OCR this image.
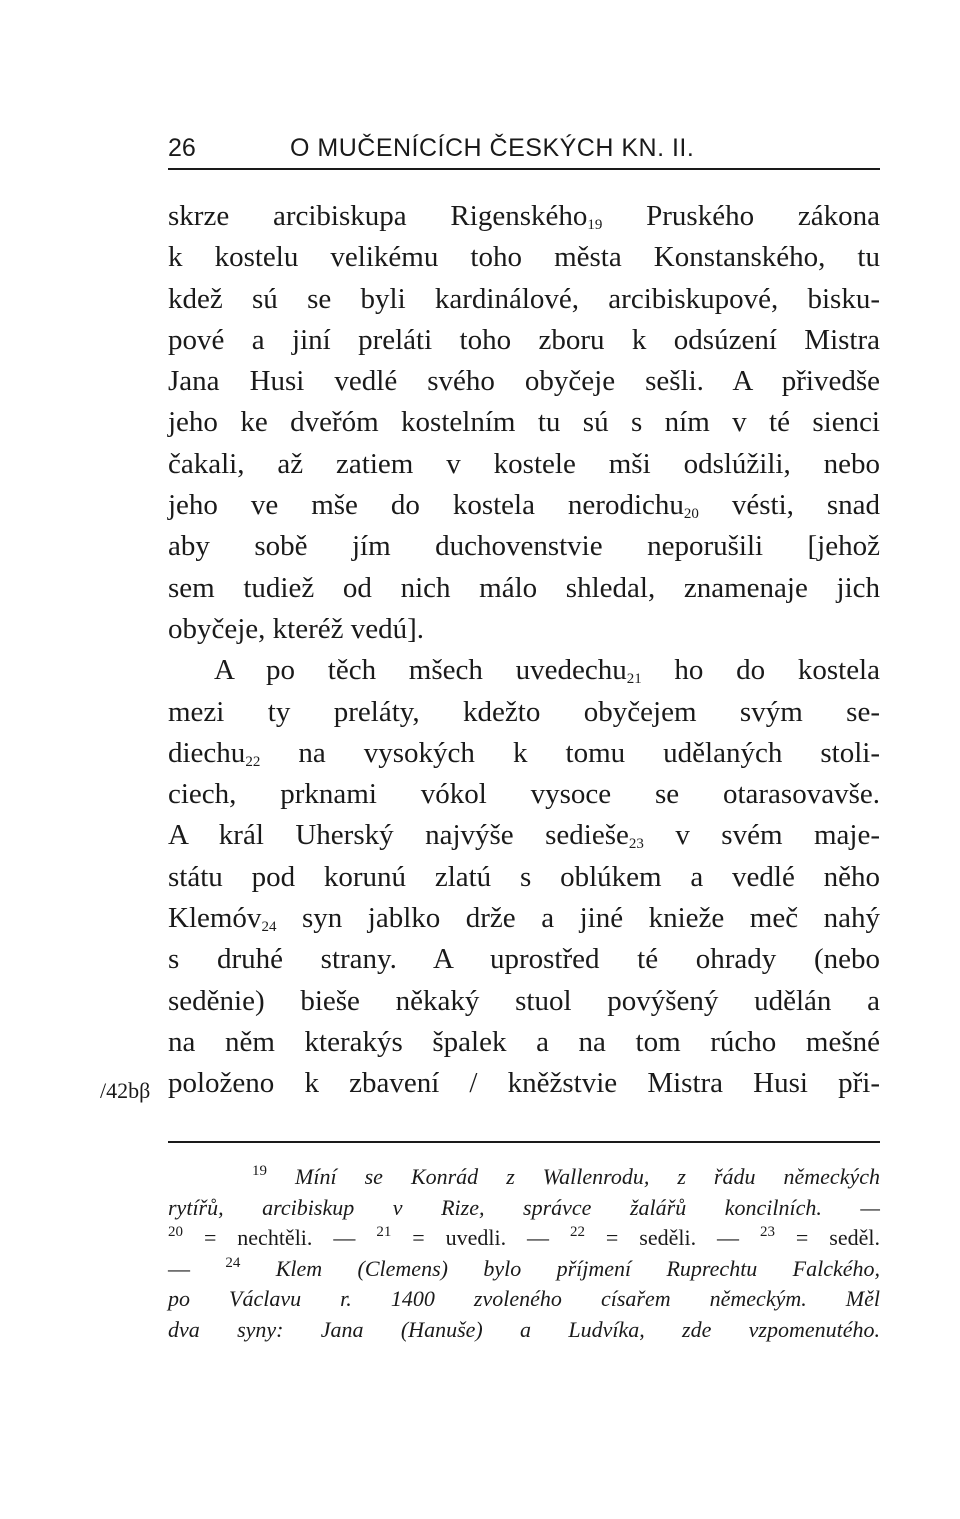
26	O MUČENÍCÍCH ČESKÝCH KN. II.
skrze arcibiskupa Rigenského$_{19}$ Pruského zákona
k kostelu velikému toho města Konstanského, tu
kdež sú se byli kardinálové, arcibiskupové, bisku-
pové a jiní preláti toho zboru k odsúzení Mistra
Jana Husi vedlé svého obyčeje sešli. A přivedše
jeho ke dveřóm kostelním tu sú s ním v té sienci
čakali, až zatiem v kostele mši odslúžili, nebo
jeho ve mše do kostela nerodichu$_{20}$ vésti, snad
aby sobě jím duchovenstvie neporušili [jehož
sem tudiež od nich málo shledal, znamenaje jich
obyčeje, kteréž vedú].
A po těch mšech uvedechu$_{21}$ ho do kostela
mezi ty preláty, kdežto obyčejem svým se-
diechu$_{22}$ na vysokých k tomu udělaných stoli-
ciech, prknami vókol vysoce se otarasovavše.
A král Uherský najvýše sedieše$_{23}$ v svém maje-
státu pod korunú zlatú s oblúkem a vedlé něho
Klemóv$_{24}$ syn jablko drže a jiné knieže meč nahý
s druhé strany. A uprostřed té ohrady (nebo
seděnie) bieše někaký stuol povýšený udělán a
na něm kterakýs špalek a na tom rúcho mešné
položeno k zbavení / kněžstvie Mistra Husi při-
/42bβ
$^{19}$ Míní se Konrád z Wallenrodu, z řádu německých
rytířů, arcibiskup v Rize, správce žalářů koncilních. —
$^{20}$ = nechtěli. — $^{21}$ = uvedli. — $^{22}$ = seděli. — $^{23}$ = seděl.
— $^{24}$ Klem (Clemens) bylo příjmení Ruprechtu Falckého,
po Václavu r. 1400 zvoleného císařem německým. Měl
dva syny: Jana (Hanuše) a Ludvíka, zde vzpomenutého.
